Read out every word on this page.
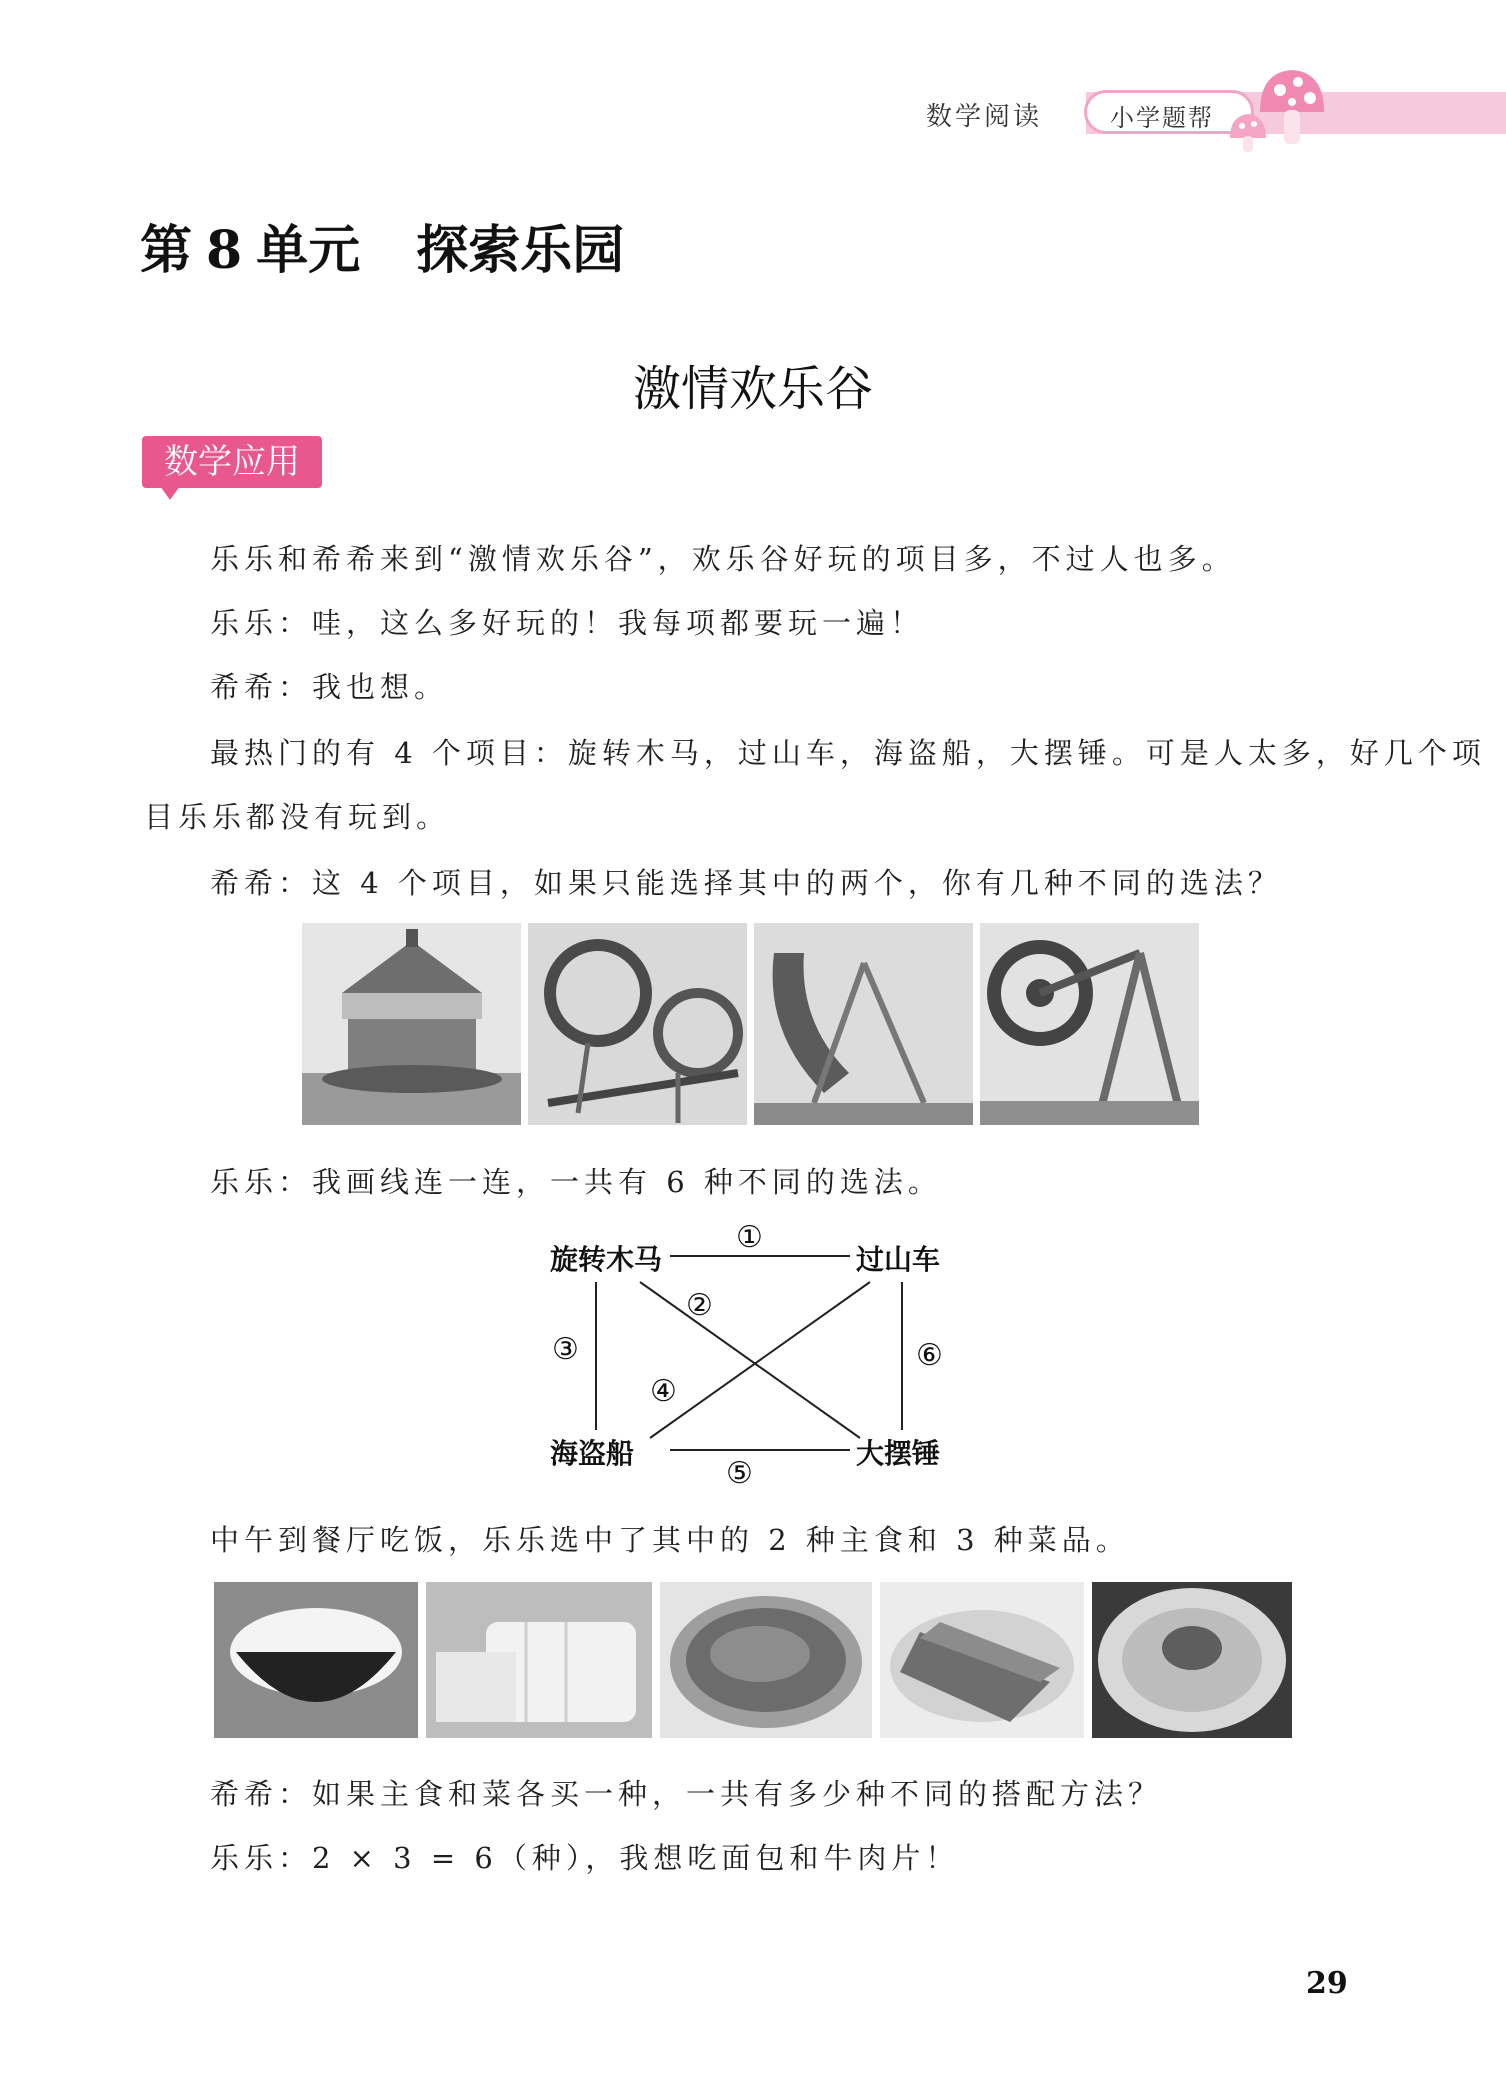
数学阅读	小学题帮
第 8 单元 探索乐园
激情欢乐谷
数学应用
乐乐和希希来到“激情欢乐谷”，欢乐谷好玩的项目多，不过人也多。
乐乐：哇，这么多好玩的！我每项都要玩一遍！
希希：我也想。
最热门的有 4 个项目：旋转木马，过山车，海盗船，大摆锤。可是人太多，好几个项
目乐乐都没有玩到。
希希：这 4 个项目，如果只能选择其中的两个，你有几种不同的选法？
乐乐：我画线连一连，一共有 6 种不同的选法。
旋转木马	过山车
海盗船	大摆锤
①
②
③
④
⑤
⑥
中午到餐厅吃饭，乐乐选中了其中的 2 种主食和 3 种菜品。
希希：如果主食和菜各买一种，一共有多少种不同的搭配方法？
乐乐：2 × 3 = 6（种），我想吃面包和牛肉片！
29
